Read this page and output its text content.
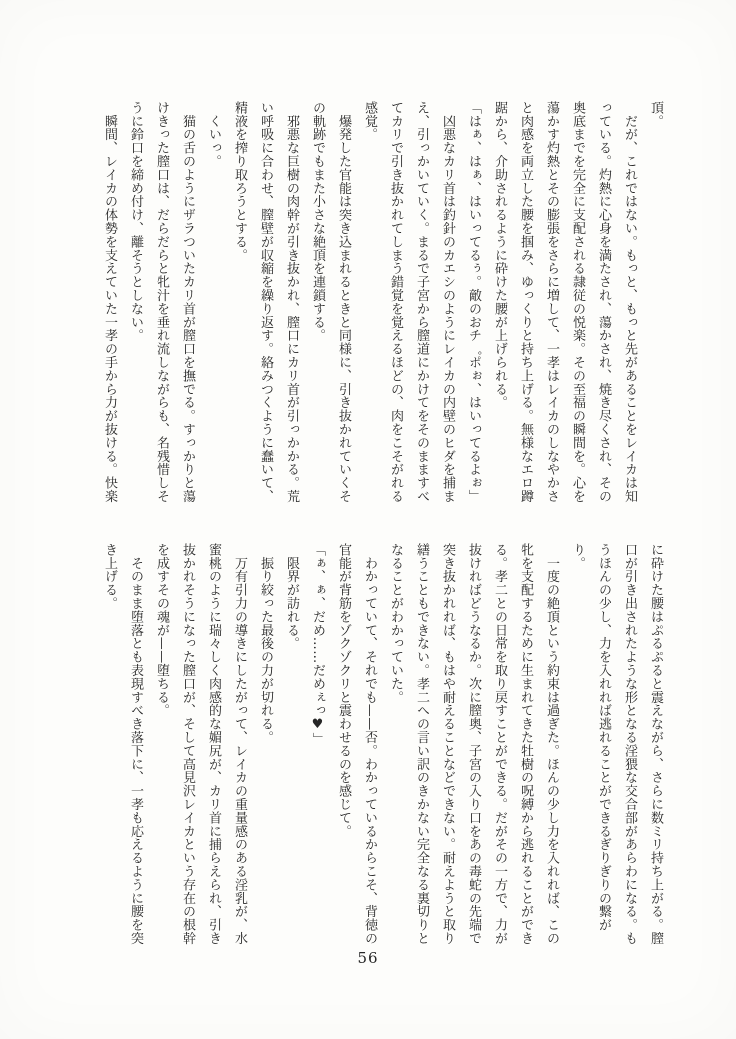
頂。
　だが、これではない。もっと、もっと先があることをレイカは知
っている。灼熱に心身を満たされ、蕩かされ、焼き尽くされ、その
奥底までを完全に支配される隷従の悦楽。その至福の瞬間を。心を
蕩かす灼熱とその膨張をさらに増して、一孝はレイカのしなやかさ
と肉感を両立した腰を掴み、ゆっくりと持ち上げる。無様なエロ蹲
踞から、介助されるように砕けた腰が上げられる。
「はぁ、はぁ、はいってるぅ。敵のおチ゜ポぉ、はいってるよぉ」
　凶悪なカリ首は釣針のカエシのようにレイカの内壁のヒダを捕ま
え、引っかいていく。まるで子宮から膣道にかけてをそのまますべ
てカリで引き抜かれてしまう錯覚を覚えるほどの、肉をこそがれる
感覚。
　爆発した官能は突き込まれるときと同様に、引き抜かれていくそ
の軌跡でもまた小さな絶頂を連鎖する。
　邪悪な巨樹の肉幹が引き抜かれ、膣口にカリ首が引っかかる。荒
い呼吸に合わせ、膣壁が収縮を繰り返す。絡みつくように蠢いて、
精液を搾り取ろうとする。
　くいっ。
　猫の舌のようにザラついたカリ首が膣口を撫でる。すっかりと蕩
けきった膣口は、だらだらと牝汁を垂れ流しながらも、名残惜しそ
うに鈴口を締め付け、離そうとしない。
　瞬間、レイカの体勢を支えていた一孝の手から力が抜ける。快楽
に砕けた腰はぷるぷると震えながら、さらに数ミリ持ち上がる。膣
口が引き出されたような形となる淫猥な交合部があらわになる。も
うほんの少し、力を入れれば逃れることができるぎりぎりの繋が
り。
　一度の絶頂という約束は過ぎた。ほんの少し力を入れれば、この
牝を支配するために生まれてきた牡樹の呪縛から逃れることができ
る。孝二との日常を取り戻すことができる。だがその一方で、力が
抜ければどうなるか。次に膣奥、子宮の入り口をあの毒蛇の先端で
突き抜かれれば、もはや耐えることなどできない。耐えようと取り
繕うこともできない。孝二への言い訳のきかない完全なる裏切りと
なることがわかっていた。
　わかっていて、それでも——否。わかっているからこそ、背徳の
官能が背筋をゾクゾクリと震わせるのを感じて。
「ぁ、ぁ、だめ……だめぇっ♥」
　限界が訪れる。
　振り絞った最後の力が切れる。
　万有引力の導きにしたがって、レイカの重量感のある淫乳が、水
蜜桃のように瑞々しく肉感的な媚尻が、カリ首に捕らえられ、引き
抜かれそうになった膣口が、そして高見沢レイカという存在の根幹
を成すその魂が——堕ちる。
　そのまま堕落とも表現すべき落下に、一孝も応えるように腰を突
き上げる。
56
